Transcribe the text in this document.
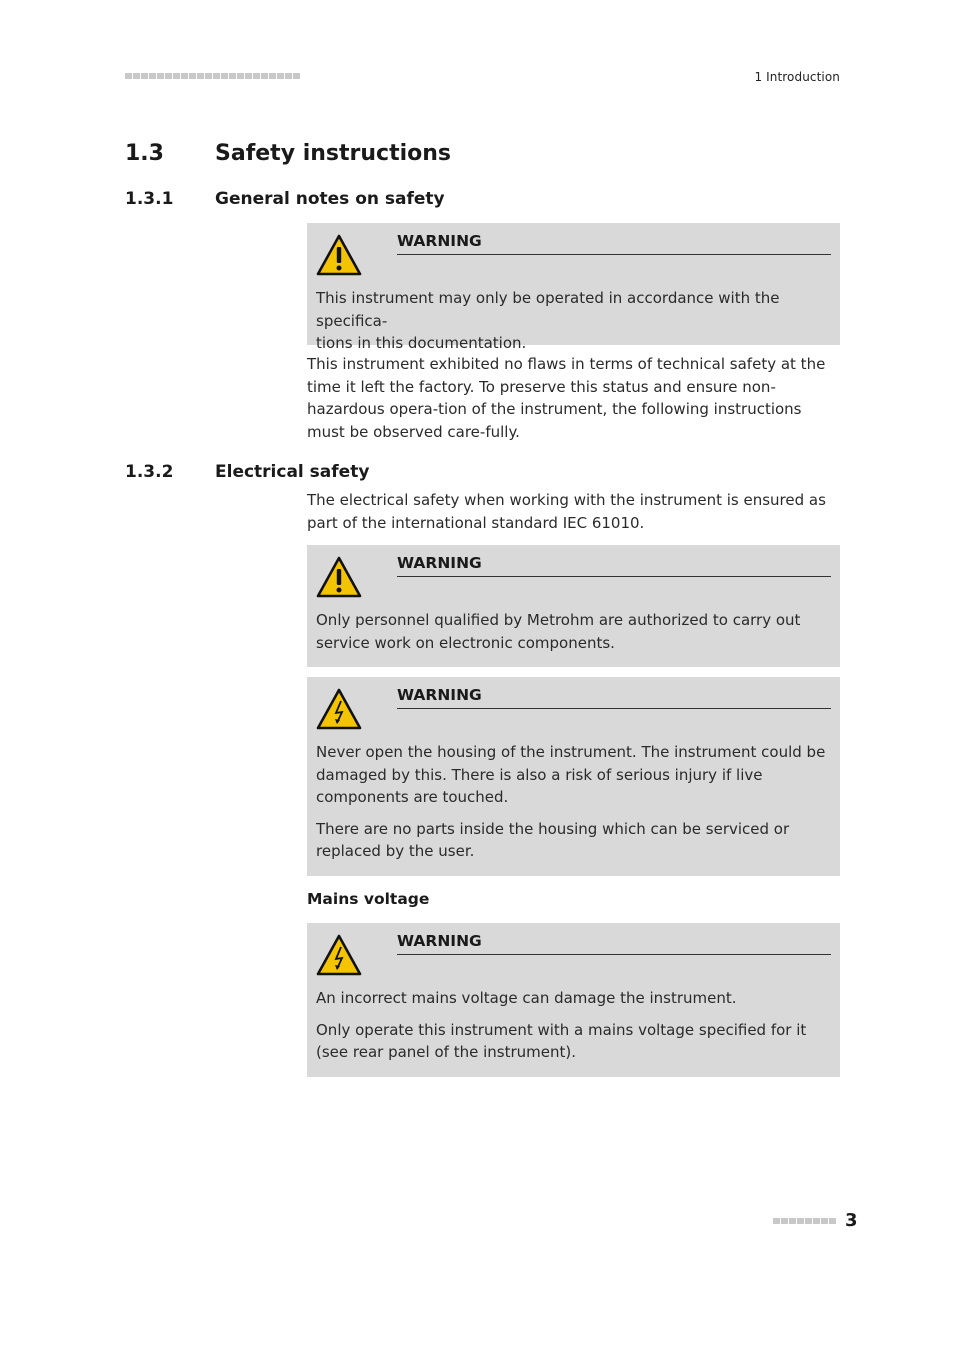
1 Introduction
1.3 Safety instructions
1.3.1 General notes on safety
WARNING

This instrument may only be operated in accordance with the specifica-
tions in this documentation.

This instrument exhibited no flaws in terms of technical safety at the time it left the factory. To preserve this status and ensure non-hazardous opera-tion of the instrument, the following instructions must be observed care-fully.

1.3.2 Electrical safety

The electrical safety when working with the instrument is ensured as part of the international standard IEC 61010.

WARNING

Only personnel qualified by Metrohm are authorized to carry out service work on electronic components.

WARNING

Never open the housing of the instrument. The instrument could be damaged by this. There is also a risk of serious injury if live components are touched.

There are no parts inside the housing which can be serviced or replaced by the user.

Mains voltage
WARNING

An incorrect mains voltage can damage the instrument.

Only operate this instrument with a mains voltage specified for it (see rear panel of the instrument).

3
